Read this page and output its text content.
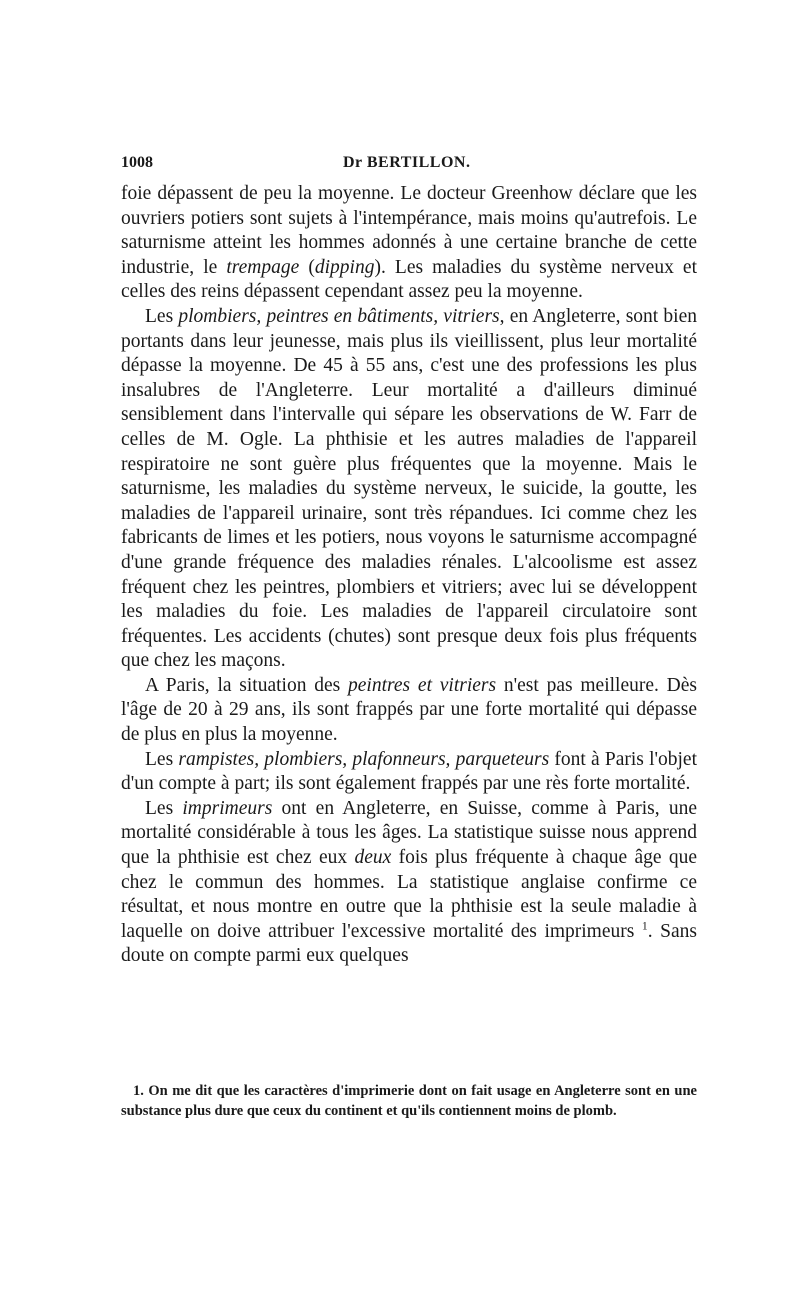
1008	Dr BERTILLON.

foie dépassent de peu la moyenne. Le docteur Greenhow déclare que les ouvriers potiers sont sujets à l'intempérance, mais moins qu'autrefois. Le saturnisme atteint les hommes adonnés à une certaine branche de cette industrie, le trempage (dipping). Les maladies du système nerveux et celles des reins dépassent cependant assez peu la moyenne.

Les plombiers, peintres en bâtiments, vitriers, en Angleterre, sont bien portants dans leur jeunesse, mais plus ils vieillissent, plus leur mortalité dépasse la moyenne. De 45 à 55 ans, c'est une des professions les plus insalubres de l'Angleterre. Leur mortalité a d'ailleurs diminué sensiblement dans l'intervalle qui sépare les observations de W. Farr de celles de M. Ogle. La phthisie et les autres maladies de l'appareil respiratoire ne sont guère plus fréquentes que la moyenne. Mais le saturnisme, les maladies du système nerveux, le suicide, la goutte, les maladies de l'appareil urinaire, sont très répandues. Ici comme chez les fabricants de limes et les potiers, nous voyons le saturnisme accompagné d'une grande fréquence des maladies rénales. L'alcoolisme est assez fréquent chez les peintres, plombiers et vitriers; avec lui se développent les maladies du foie. Les maladies de l'appareil circulatoire sont fréquentes. Les accidents (chutes) sont presque deux fois plus fréquents que chez les maçons.

A Paris, la situation des peintres et vitriers n'est pas meilleure. Dès l'âge de 20 à 29 ans, ils sont frappés par une forte mortalité qui dépasse de plus en plus la moyenne.

Les rampistes, plombiers, plafonneurs, parqueteurs font à Paris l'objet d'un compte à part; ils sont également frappés par une rès forte mortalité.

Les imprimeurs ont en Angleterre, en Suisse, comme à Paris, une mortalité considérable à tous les âges. La statistique suisse nous apprend que la phthisie est chez eux deux fois plus fréquente à chaque âge que chez le commun des hommes. La statistique anglaise confirme ce résultat, et nous montre en outre que la phthisie est la seule maladie à laquelle on doive attribuer l'excessive mortalité des imprimeurs $^1$. Sans doute on compte parmi eux quelques

1. On me dit que les caractères d'imprimerie dont on fait usage en Angleterre sont en une substance plus dure que ceux du continent et qu'ils contiennent moins de plomb.
